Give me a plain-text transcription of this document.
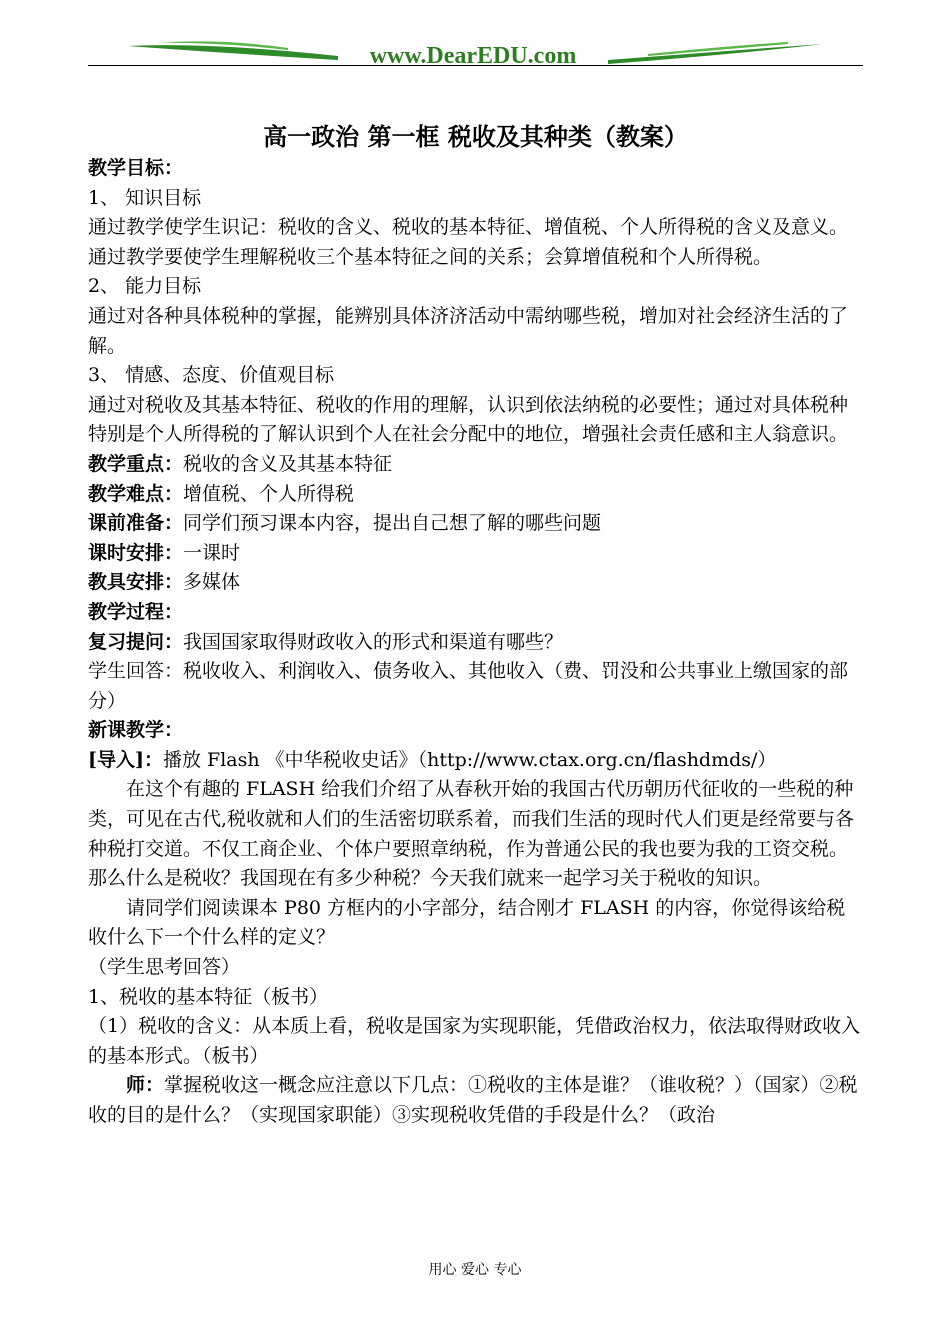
www.DearEDU.com

高一政治 第一框 税收及其种类（教案）

教学目标：

1、 知识目标

通过教学使学生识记：税收的含义、税收的基本特征、增值税、个人所得税的含义及意义。通过教学要使学生理解税收三个基本特征之间的关系；会算增值税和个人所得税。

2、 能力目标

通过对各种具体税种的掌握，能辨别具体济济活动中需纳哪些税，增加对社会经济生活的了解。

3、 情感、态度、价值观目标

通过对税收及其基本特征、税收的作用的理解，认识到依法纳税的必要性；通过对具体税种特别是个人所得税的了解认识到个人在社会分配中的地位，增强社会责任感和主人翁意识。

教学重点：税收的含义及其基本特征

教学难点：增值税、个人所得税

课前准备：同学们预习课本内容，提出自己想了解的哪些问题

课时安排：一课时

教具安排：多媒体

教学过程：

复习提问：我国国家取得财政收入的形式和渠道有哪些？

学生回答：税收收入、利润收入、债务收入、其他收入（费、罚没和公共事业上缴国家的部分）

新课教学：

[导入]：播放 Flash 《中华税收史话》（http://www.ctax.org.cn/flashdmds/）

在这个有趣的 FLASH 给我们介绍了从春秋开始的我国古代历朝历代征收的一些税的种类，可见在古代,税收就和人们的生活密切联系着，而我们生活的现时代人们更是经常要与各种税打交道。不仅工商企业、个体户要照章纳税，作为普通公民的我也要为我的工资交税。那么什么是税收？我国现在有多少种税？今天我们就来一起学习关于税收的知识。

请同学们阅读课本 P80 方框内的小字部分，结合刚才 FLASH 的内容，你觉得该给税收什么下一个什么样的定义？

（学生思考回答）

1、税收的基本特征（板书）

（1）税收的含义：从本质上看，税收是国家为实现职能，凭借政治权力，依法取得财政收入的基本形式。（板书）

师：掌握税收这一概念应注意以下几点：①税收的主体是谁？（谁收税？）（国家）②税收的目的是什么？（实现国家职能）③实现税收凭借的手段是什么？（政治

用心 爱心 专心
